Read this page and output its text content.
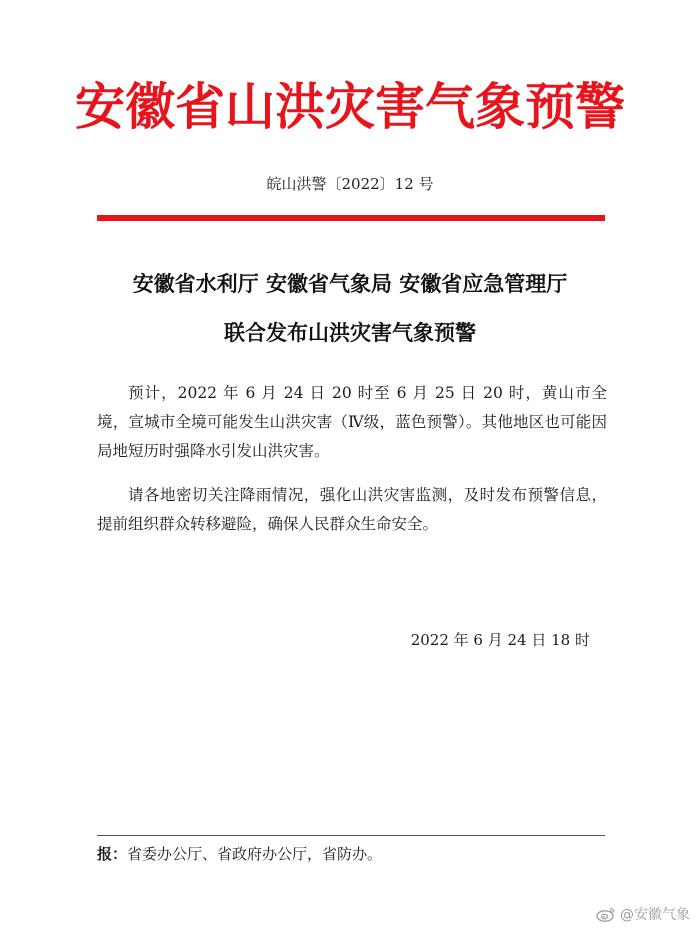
安徽省山洪灾害气象预警
皖山洪警〔2022〕12 号
安徽省水利厅 安徽省气象局 安徽省应急管理厅
联合发布山洪灾害气象预警
预计，2022 年 6 月 24 日 20 时至 6 月 25 日 20 时，黄山市全境，宣城市全境可能发生山洪灾害（Ⅳ级，蓝色预警）。其他地区也可能因局地短历时强降水引发山洪灾害。
请各地密切关注降雨情况，强化山洪灾害监测，及时发布预警信息，提前组织群众转移避险，确保人民群众生命安全。
2022 年 6 月 24 日 18 时
报：省委办公厅、省政府办公厅，省防办。
@安徽气象
